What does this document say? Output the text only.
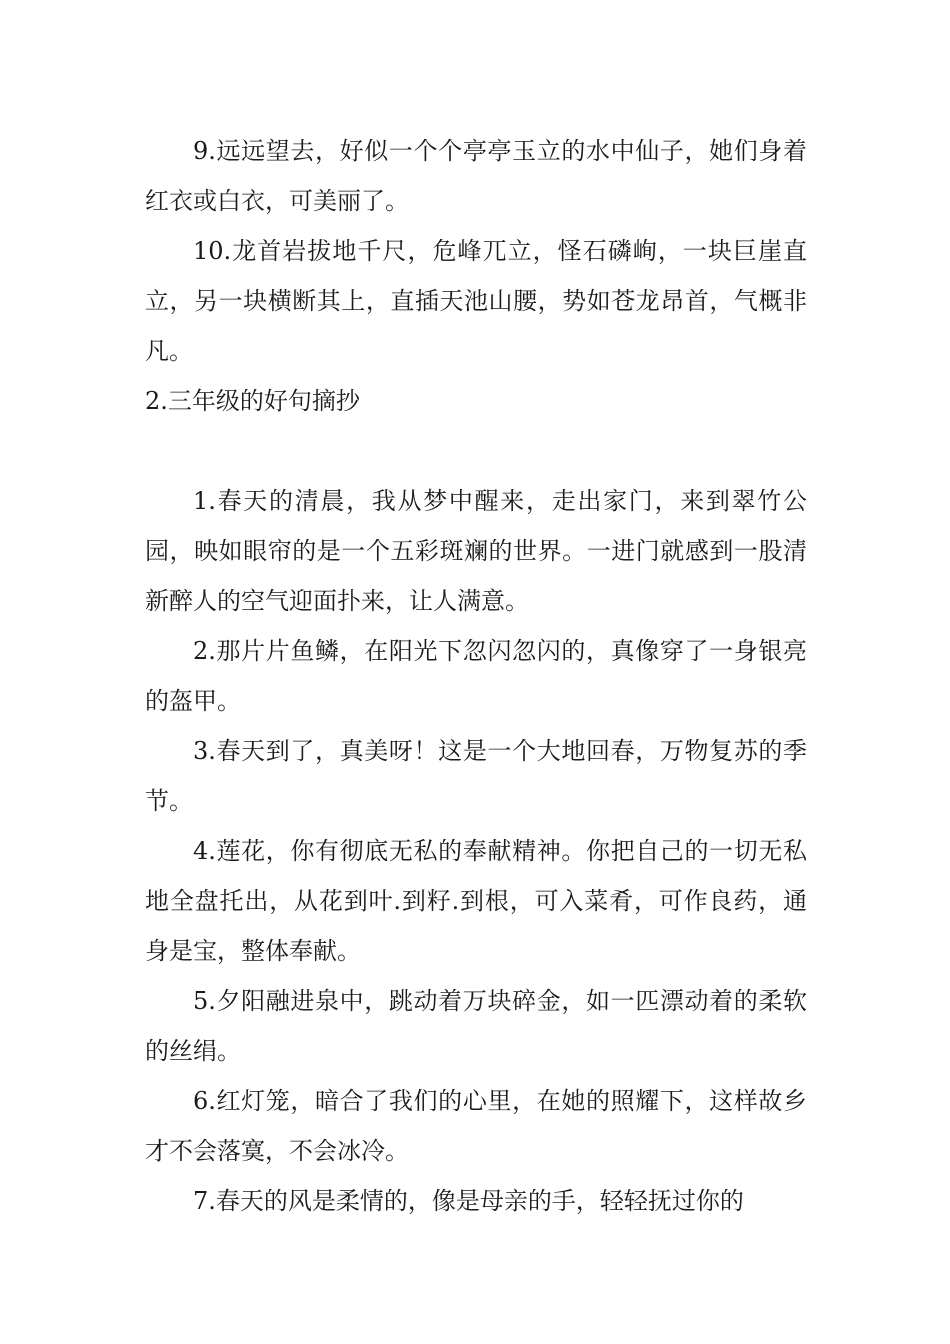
9.远远望去，好似一个个亭亭玉立的水中仙子，她们身着红衣或白衣，可美丽了。

10.龙首岩拔地千尺，危峰兀立，怪石磷峋，一块巨崖直立，另一块横断其上，直插天池山腰，势如苍龙昂首，气概非凡。

2.三年级的好句摘抄

1.春天的清晨，我从梦中醒来，走出家门，来到翠竹公园，映如眼帘的是一个五彩斑斓的世界。一进门就感到一股清新醉人的空气迎面扑来，让人满意。

2.那片片鱼鳞，在阳光下忽闪忽闪的，真像穿了一身银亮的盔甲。

3.春天到了，真美呀！这是一个大地回春，万物复苏的季节。

4.莲花，你有彻底无私的奉献精神。你把自己的一切无私地全盘托出，从花到叶.到籽.到根，可入菜肴，可作良药，通身是宝，整体奉献。

5.夕阳融进泉中，跳动着万块碎金，如一匹漂动着的柔软的丝绢。

6.红灯笼，暗合了我们的心里，在她的照耀下，这样故乡才不会落寞，不会冰冷。

7.春天的风是柔情的，像是母亲的手，轻轻抚过你的
